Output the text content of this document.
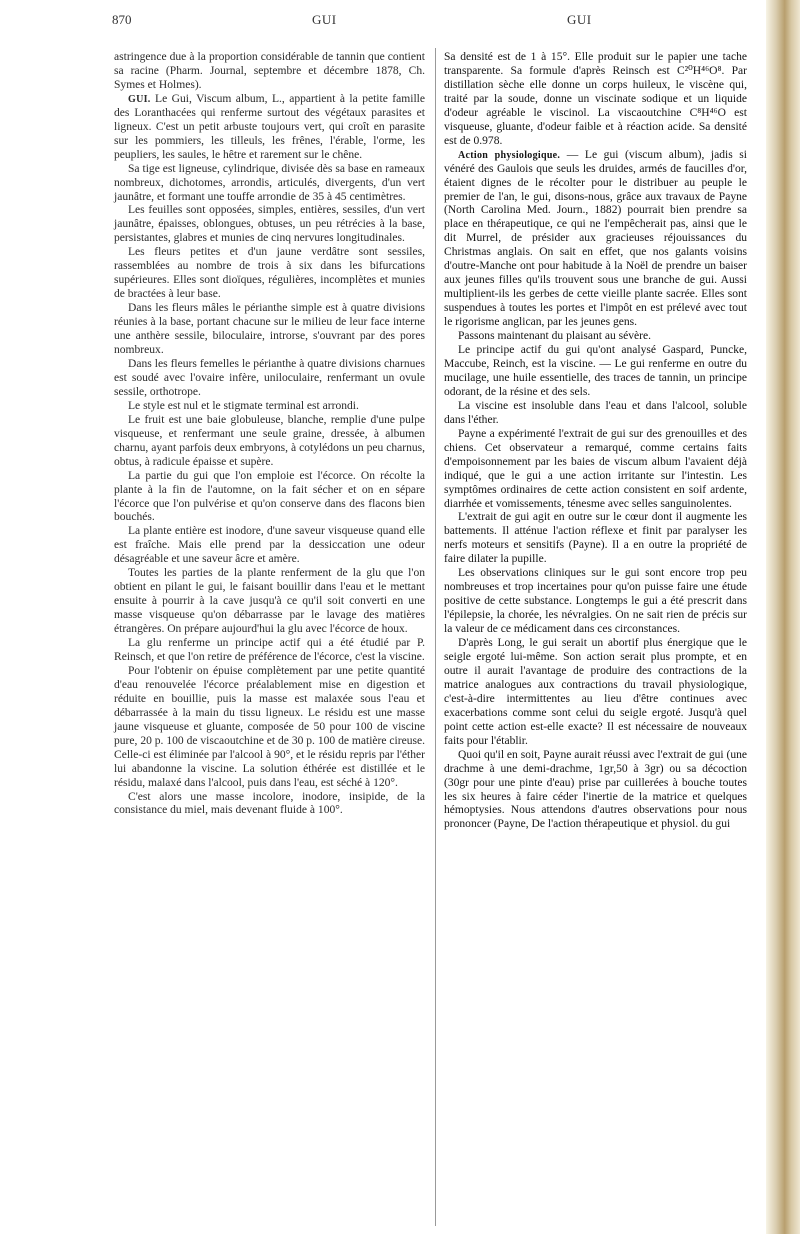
870	GUI	GUI

astringence due à la proportion considérable de tannin que contient sa racine (Pharm. Journal, septembre et décembre 1878, Ch. Symes et Holmes).

GUI. Le Gui, Viscum album, L., appartient à la petite famille des Loranthacées qui renferme surtout des végétaux parasites et ligneux. C'est un petit arbuste toujours vert, qui croît en parasite sur les pommiers, les tilleuls, les frênes, l'érable, l'orme, les peupliers, les saules, le hêtre et rarement sur le chêne.

Sa tige est ligneuse, cylindrique, divisée dès sa base en rameaux nombreux, dichotomes, arrondis, articulés, divergents, d'un vert jaunâtre, et formant une touffe arrondie de 35 à 45 centimètres.

Les feuilles sont opposées, simples, entières, sessiles, d'un vert jaunâtre, épaisses, oblongues, obtuses, un peu rétrécies à la base, persistantes, glabres et munies de cinq nervures longitudinales.

Les fleurs petites et d'un jaune verdâtre sont sessiles, rassemblées au nombre de trois à six dans les bifurcations supérieures. Elles sont dioïques, régulières, incomplètes et munies de bractées à leur base.

Dans les fleurs mâles le périanthe simple est à quatre divisions réunies à la base, portant chacune sur le milieu de leur face interne une anthère sessile, biloculaire, introrse, s'ouvrant par des pores nombreux.

Dans les fleurs femelles le périanthe à quatre divisions charnues est soudé avec l'ovaire infère, uniloculaire, renfermant un ovule sessile, orthotrope.

Le style est nul et le stigmate terminal est arrondi.

Le fruit est une baie globuleuse, blanche, remplie d'une pulpe visqueuse, et renfermant une seule graine, dressée, à albumen charnu, ayant parfois deux embryons, à cotylédons un peu charnus, obtus, à radicule épaisse et supère.

La partie du gui que l'on emploie est l'écorce. On récolte la plante à la fin de l'automne, on la fait sécher et on en sépare l'écorce que l'on pulvérise et qu'on conserve dans des flacons bien bouchés.

La plante entière est inodore, d'une saveur visqueuse quand elle est fraîche. Mais elle prend par la dessiccation une odeur désagréable et une saveur âcre et amère.

Toutes les parties de la plante renferment de la glu que l'on obtient en pilant le gui, le faisant bouillir dans l'eau et le mettant ensuite à pourrir à la cave jusqu'à ce qu'il soit converti en une masse visqueuse qu'on débarrasse par le lavage des matières étrangères. On prépare aujourd'hui la glu avec l'écorce de houx.

La glu renferme un principe actif qui a été étudié par P. Reinsch, et que l'on retire de préférence de l'écorce, c'est la viscine.

Pour l'obtenir on épuise complètement par une petite quantité d'eau renouvelée l'écorce préalablement mise en digestion et réduite en bouillie, puis la masse est malaxée sous l'eau et débarrassée à la main du tissu ligneux. Le résidu est une masse jaune visqueuse et gluante, composée de 50 pour 100 de viscine pure, 20 p. 100 de viscaoutchine et de 30 p. 100 de matière cireuse. Celle-ci est éliminée par l'alcool à 90°, et le résidu repris par l'éther lui abandonne la viscine. La solution éthérée est distillée et le résidu, malaxé dans l'alcool, puis dans l'eau, est séché à 120°.

C'est alors une masse incolore, inodore, insipide, de la consistance du miel, mais devenant fluide à 100°.

Sa densité est de 1 à 15°. Elle produit sur le papier une tache transparente. Sa formule d'après Reinsch est C²⁰H⁴⁶O⁸. Par distillation sèche elle donne un corps huileux, le viscène qui, traité par la soude, donne un viscinate sodique et un liquide d'odeur agréable le viscinol. La viscaoutchine C⁸H⁴⁶O est visqueuse, gluante, d'odeur faible et à réaction acide. Sa densité est de 0.978.

Action physiologique. — Le gui (viscum album), jadis si vénéré des Gaulois que seuls les druides, armés de faucilles d'or, étaient dignes de le récolter pour le distribuer au peuple le premier de l'an, le gui, disons-nous, grâce aux travaux de Payne (North Carolina Med. Journ., 1882) pourrait bien prendre sa place en thérapeutique, ce qui ne l'empêcherait pas, ainsi que le dit Murrel, de présider aux gracieuses réjouissances du Christmas anglais. On sait en effet, que nos galants voisins d'outre-Manche ont pour habitude à la Noël de prendre un baiser aux jeunes filles qu'ils trouvent sous une branche de gui. Aussi multiplient-ils les gerbes de cette vieille plante sacrée. Elles sont suspendues à toutes les portes et l'impôt en est prélevé avec tout le rigorisme anglican, par les jeunes gens.

Passons maintenant du plaisant au sévère.

Le principe actif du gui qu'ont analysé Gaspard, Puncke, Maccube, Reinch, est la viscine. — Le gui renferme en outre du mucilage, une huile essentielle, des traces de tannin, un principe odorant, de la résine et des sels.

La viscine est insoluble dans l'eau et dans l'alcool, soluble dans l'éther.

Payne a expérimenté l'extrait de gui sur des grenouilles et des chiens. Cet observateur a remarqué, comme certains faits d'empoisonnement par les baies de viscum album l'avaient déjà indiqué, que le gui a une action irritante sur l'intestin. Les symptômes ordinaires de cette action consistent en soif ardente, diarrhée et vomissements, ténesme avec selles sanguinolentes.

L'extrait de gui agit en outre sur le cœur dont il augmente les battements. Il atténue l'action réflexe et finit par paralyser les nerfs moteurs et sensitifs (Payne). Il a en outre la propriété de faire dilater la pupille.

Les observations cliniques sur le gui sont encore trop peu nombreuses et trop incertaines pour qu'on puisse faire une étude positive de cette substance. Longtemps le gui a été prescrit dans l'épilepsie, la chorée, les névralgies. On ne sait rien de précis sur la valeur de ce médicament dans ces circonstances.

D'après Long, le gui serait un abortif plus énergique que le seigle ergoté lui-même. Son action serait plus prompte, et en outre il aurait l'avantage de produire des contractions de la matrice analogues aux contractions du travail physiologique, c'est-à-dire intermittentes au lieu d'être continues avec exacerbations comme sont celui du seigle ergoté. Jusqu'à quel point cette action est-elle exacte? Il est nécessaire de nouveaux faits pour l'établir.

Quoi qu'il en soit, Payne aurait réussi avec l'extrait de gui (une drachme à une demi-drachme, 1gr,50 à 3gr) ou sa décoction (30gr pour une pinte d'eau) prise par cuillerées à bouche toutes les six heures à faire céder l'inertie de la matrice et quelques hémoptysies. Nous attendons d'autres observations pour nous prononcer (Payne, De l'action thérapeutique et physiol. du gui
